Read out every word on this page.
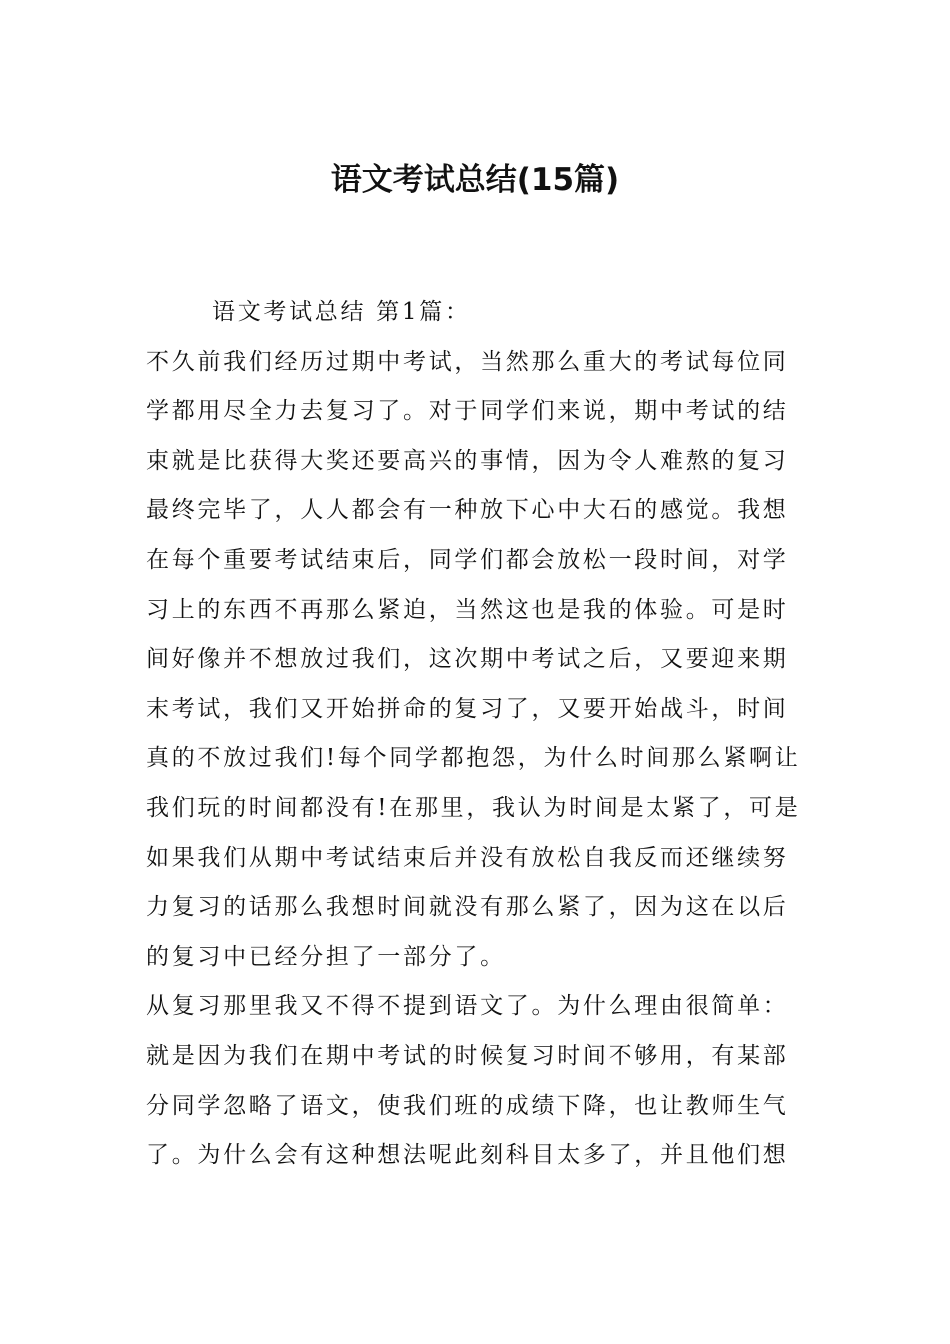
语文考试总结(15篇)

语文考试总结 第1篇：

不久前我们经历过期中考试，当然那么重大的考试每位同学都用尽全力去复习了。对于同学们来说，期中考试的结束就是比获得大奖还要高兴的事情，因为令人难熬的复习最终完毕了，人人都会有一种放下心中大石的感觉。我想在每个重要考试结束后，同学们都会放松一段时间，对学习上的东西不再那么紧迫，当然这也是我的体验。可是时间好像并不想放过我们，这次期中考试之后，又要迎来期末考试，我们又开始拼命的复习了，又要开始战斗，时间真的不放过我们!每个同学都抱怨，为什么时间那么紧啊让我们玩的时间都没有!在那里，我认为时间是太紧了，可是如果我们从期中考试结束后并没有放松自我反而还继续努力复习的话那么我想时间就没有那么紧了，因为这在以后的复习中已经分担了一部分了。

从复习那里我又不得不提到语文了。为什么理由很简单：就是因为我们在期中考试的时候复习时间不够用，有某部分同学忽略了语文，使我们班的成绩下降，也让教师生气了。为什么会有这种想法呢此刻科目太多了，并且他们想
